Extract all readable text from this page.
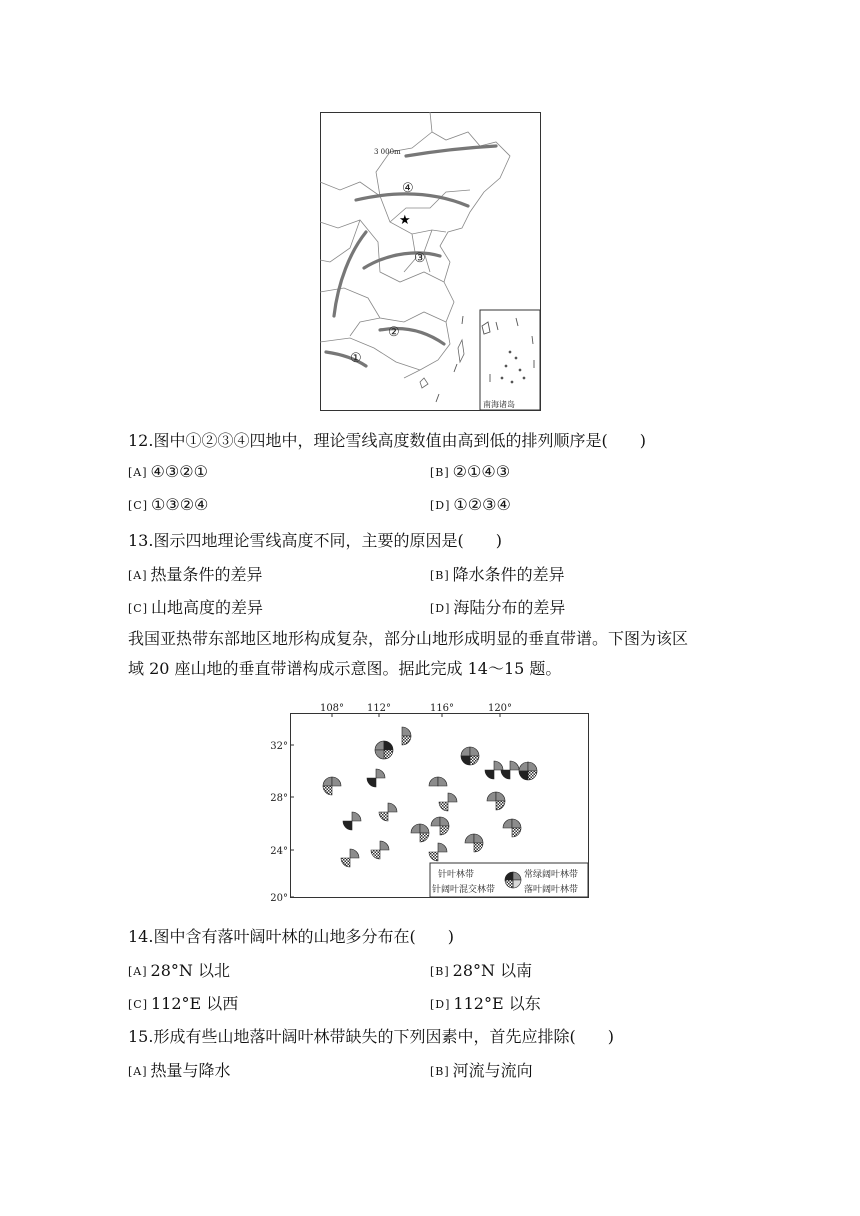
3 000m
④
③
②
①
★
南海诸岛
12.图中①②③④四地中，理论雪线高度数值由高到低的排列顺序是(　　)
[A] ④③②①	[B] ②①④③
[C] ①③②④	[D] ①②③④
13.图示四地理论雪线高度不同，主要的原因是(　　)
[A] 热量条件的差异	[B] 降水条件的差异
[C] 山地高度的差异	[D] 海陆分布的差异
我国亚热带东部地区地形构成复杂，部分山地形成明显的垂直带谱。下图为该区
域 20 座山地的垂直带谱构成示意图。据此完成 14～15 题。
108° 112°	116°	120°
32°
28°
24°
20°
针叶林带
针阔叶混交林带
常绿阔叶林带
落叶阔叶林带
14.图中含有落叶阔叶林的山地多分布在(　　)
[A] 28°N 以北	[B] 28°N 以南
[C] 112°E 以西	[D] 112°E 以东
15.形成有些山地落叶阔叶林带缺失的下列因素中，首先应排除(　　)
[A] 热量与降水	[B] 河流与流向
